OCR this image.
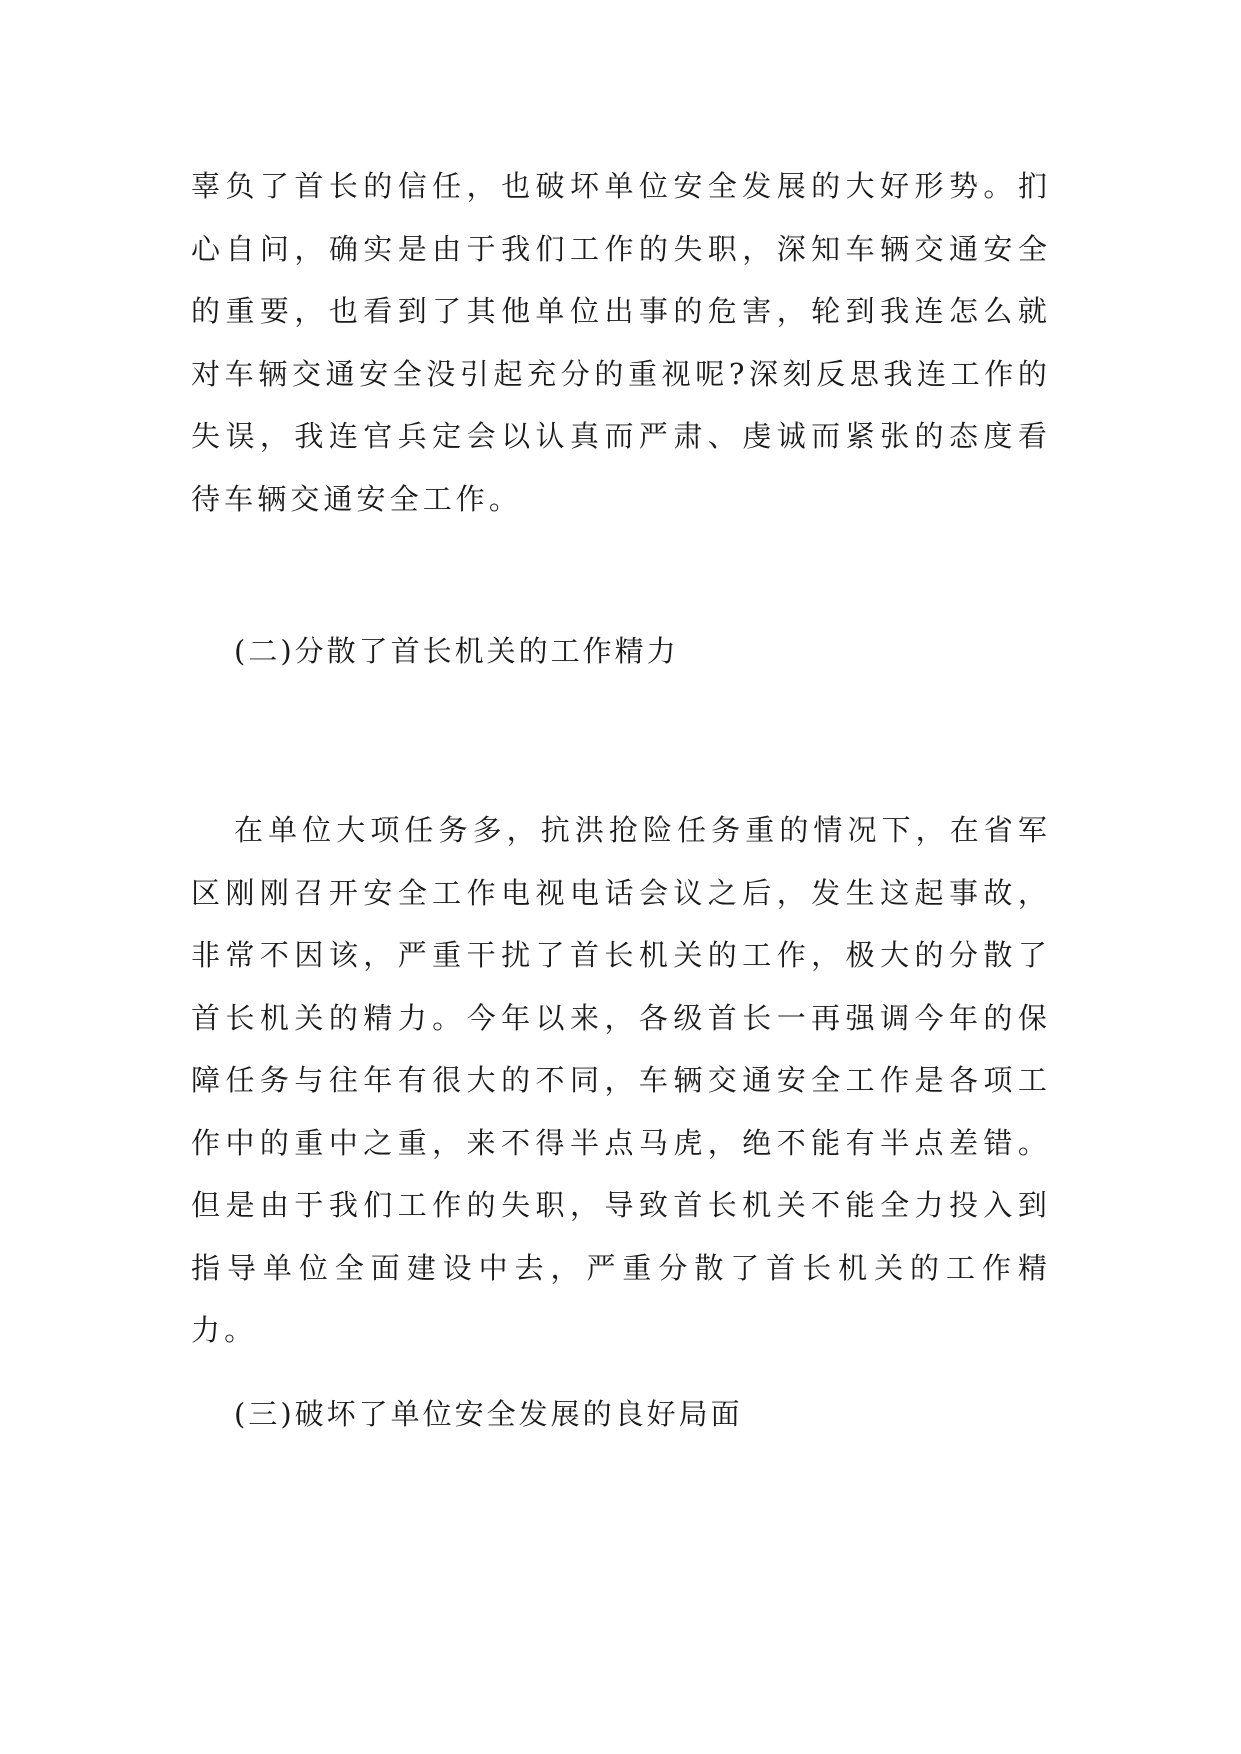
辜负了首长的信任，也破坏单位安全发展的大好形势。扪心自问，确实是由于我们工作的失职，深知车辆交通安全的重要，也看到了其他单位出事的危害，轮到我连怎么就对车辆交通安全没引起充分的重视呢?深刻反思我连工作的失误，我连官兵定会以认真而严肃、虔诚而紧张的态度看待车辆交通安全工作。

(二)分散了首长机关的工作精力

在单位大项任务多，抗洪抢险任务重的情况下，在省军区刚刚召开安全工作电视电话会议之后，发生这起事故，非常不因该，严重干扰了首长机关的工作，极大的分散了首长机关的精力。今年以来，各级首长一再强调今年的保障任务与往年有很大的不同，车辆交通安全工作是各项工作中的重中之重，来不得半点马虎，绝不能有半点差错。但是由于我们工作的失职，导致首长机关不能全力投入到指导单位全面建设中去，严重分散了首长机关的工作精力。

(三)破坏了单位安全发展的良好局面
